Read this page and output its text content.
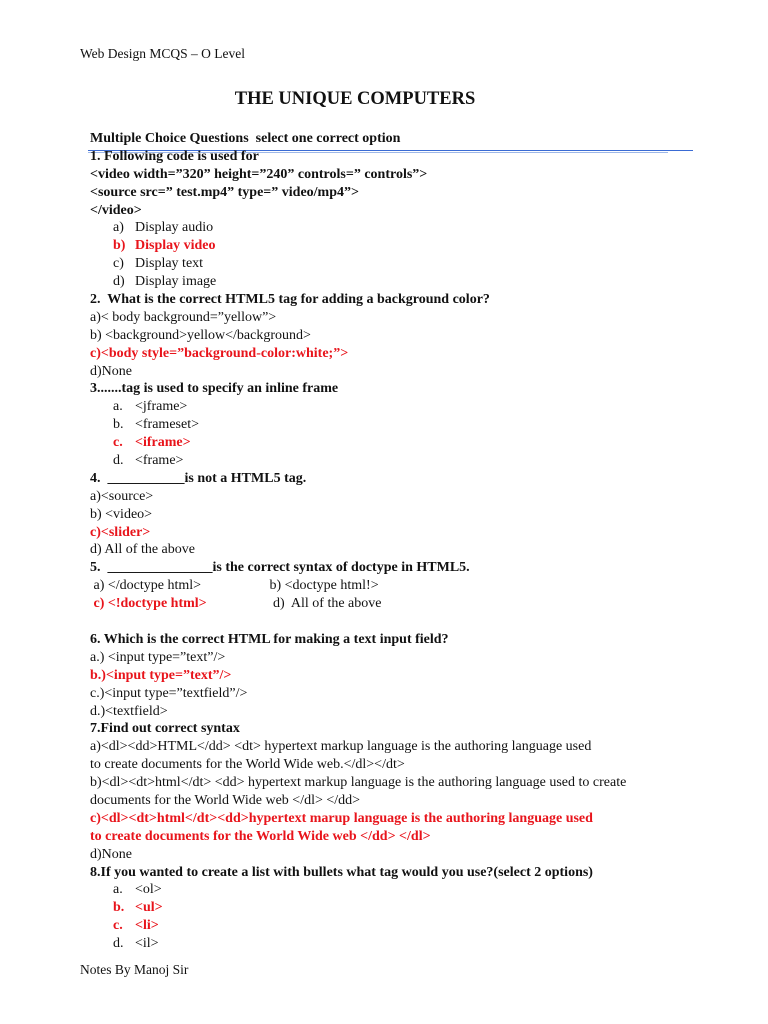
Web Design MCQS – O Level
THE UNIQUE COMPUTERS
Multiple Choice Questions  select one correct option
1. Following code is used for
<video width=”320” height=”240” controls=” controls”>
<source src=” test.mp4” type=” video/mp4”>
</video>
a) Display audio
b) Display video
c) Display text
d) Display image
2.  What is the correct HTML5 tag for adding a background color?
a)< body background=”yellow”>
b) <background>yellow</background>
c)<body style=”background-color:white;”>
d)None
3.......tag is used to specify an inline frame
a. <jframe>
b. <frameset>
c. <iframe>
d. <frame>
4.  ___________is not a HTML5 tag.
a)<source>
b) <video>
c)<slider>
d) All of the above
5.  _______________is the correct syntax of doctype in HTML5.
a) </doctype html>	b) <doctype html!>
c) <!doctype html>	d)  All of the above
6. Which is the correct HTML for making a text input field?
a.) <input type=”text”/>
b.)<input type=”text”/>
c.)<input type=”textfield”/>
d.)<textfield>
7.Find out correct syntax
a)<dl><dd>HTML</dd> <dt> hypertext markup language is the authoring language used
to create documents for the World Wide web.</dl></dt>
b)<dl><dt>html</dt> <dd> hypertext markup language is the authoring language used to create
documents for the World Wide web </dl> </dd>
c)<dl><dt>html</dt><dd>hypertext marup language is the authoring language used
to create documents for the World Wide web </dd> </dl>
d)None
8.If you wanted to create a list with bullets what tag would you use?(select 2 options)
a. <ol>
b. <ul>
c. <li>
d. <il>
Notes By Manoj Sir
